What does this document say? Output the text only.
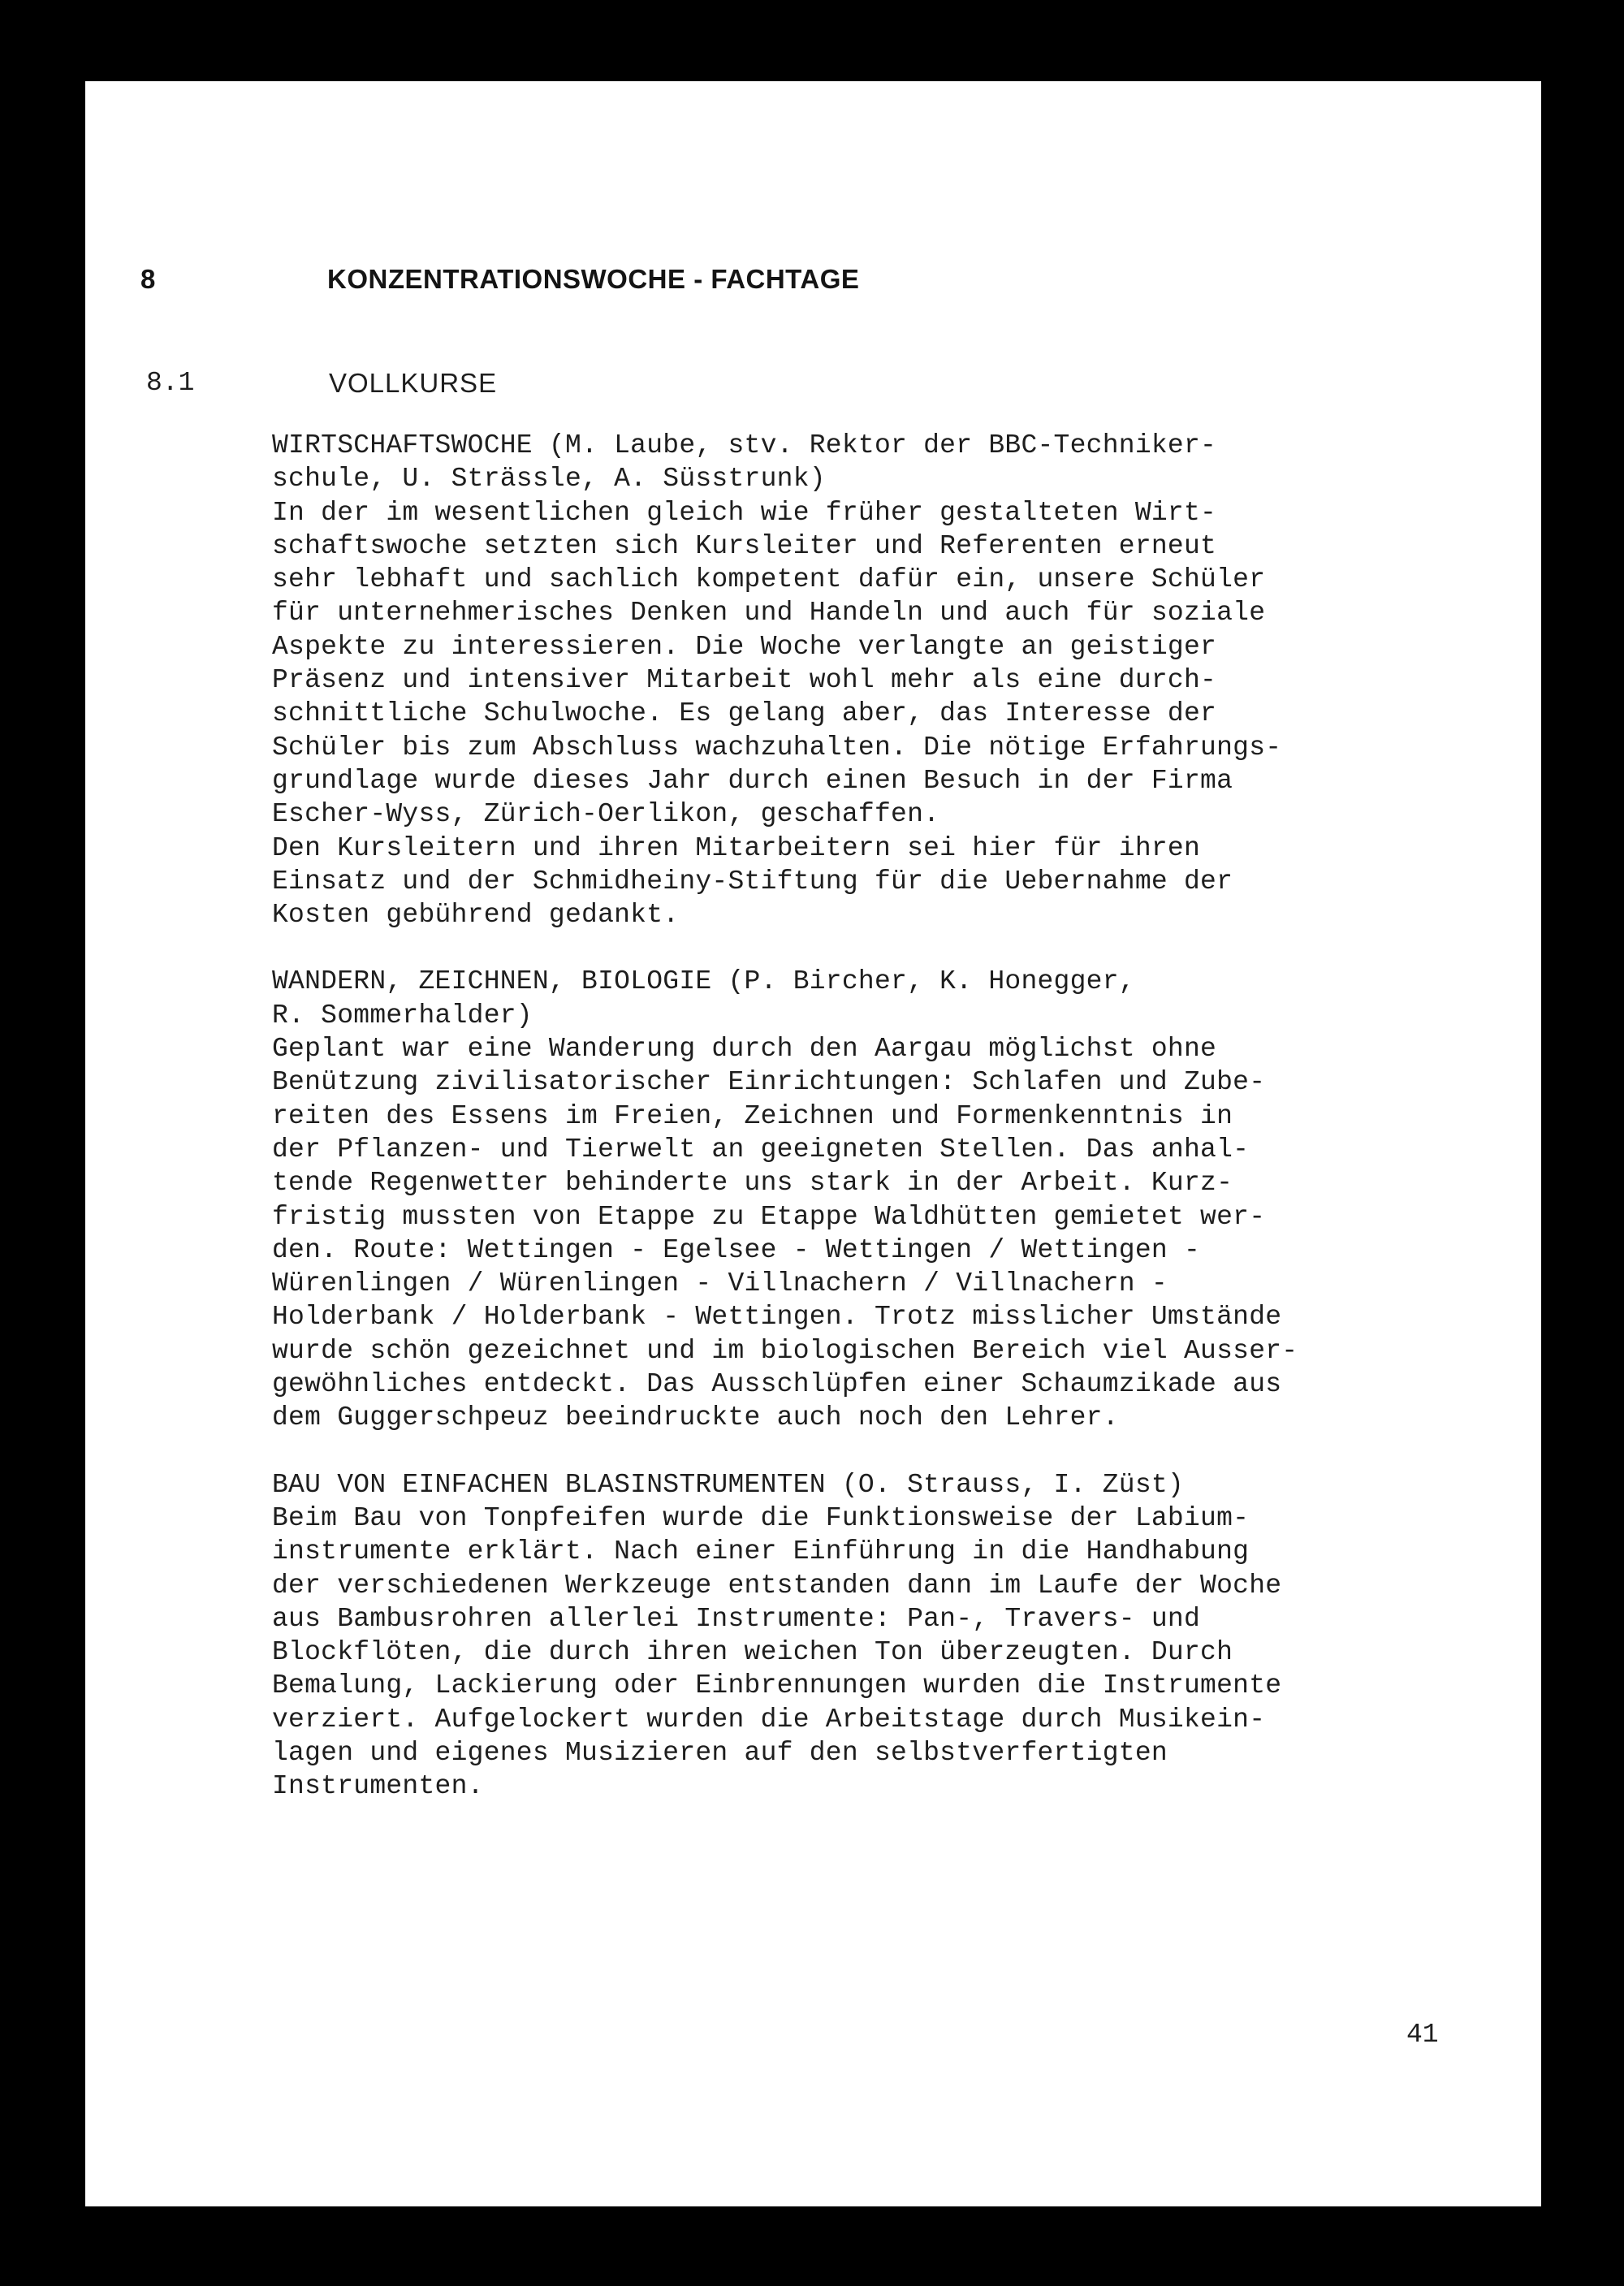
8	KONZENTRATIONSWOCHE - FACHTAGE
8.1	VOLLKURSE
WIRTSCHAFTSWOCHE (M. Laube, stv. Rektor der BBC-Techniker-
schule, U. Strässle, A. Süsstrunk)
In der im wesentlichen gleich wie früher gestalteten Wirt-
schaftswoche setzten sich Kursleiter und Referenten erneut
sehr lebhaft und sachlich kompetent dafür ein, unsere Schüler
für unternehmerisches Denken und Handeln und auch für soziale
Aspekte zu interessieren. Die Woche verlangte an geistiger
Präsenz und intensiver Mitarbeit wohl mehr als eine durch-
schnittliche Schulwoche. Es gelang aber, das Interesse der
Schüler bis zum Abschluss wachzuhalten. Die nötige Erfahrungs-
grundlage wurde dieses Jahr durch einen Besuch in der Firma
Escher-Wyss, Zürich-Oerlikon, geschaffen.
Den Kursleitern und ihren Mitarbeitern sei hier für ihren
Einsatz und der Schmidheiny-Stiftung für die Uebernahme der
Kosten gebührend gedankt.
WANDERN, ZEICHNEN, BIOLOGIE (P. Bircher, K. Honegger,
R. Sommerhalder)
Geplant war eine Wanderung durch den Aargau möglichst ohne
Benützung zivilisatorischer Einrichtungen: Schlafen und Zube-
reiten des Essens im Freien, Zeichnen und Formenkenntnis in
der Pflanzen- und Tierwelt an geeigneten Stellen. Das anhal-
tende Regenwetter behinderte uns stark in der Arbeit. Kurz-
fristig mussten von Etappe zu Etappe Waldhütten gemietet wer-
den. Route: Wettingen - Egelsee - Wettingen / Wettingen -
Würenlingen / Würenlingen - Villnachern / Villnachern -
Holderbank / Holderbank - Wettingen. Trotz misslicher Umstände
wurde schön gezeichnet und im biologischen Bereich viel Ausser-
gewöhnliches entdeckt. Das Ausschlüpfen einer Schaumzikade aus
dem Guggerschpeuz beeindruckte auch noch den Lehrer.
BAU VON EINFACHEN BLASINSTRUMENTEN (O. Strauss, I. Züst)
Beim Bau von Tonpfeifen wurde die Funktionsweise der Labium-
instrumente erklärt. Nach einer Einführung in die Handhabung
der verschiedenen Werkzeuge entstanden dann im Laufe der Woche
aus Bambusrohren allerlei Instrumente: Pan-, Travers- und
Blockflöten, die durch ihren weichen Ton überzeugten. Durch
Bemalung, Lackierung oder Einbrennungen wurden die Instrumente
verziert. Aufgelockert wurden die Arbeitstage durch Musikein-
lagen und eigenes Musizieren auf den selbstverfertigten
Instrumenten.
41
